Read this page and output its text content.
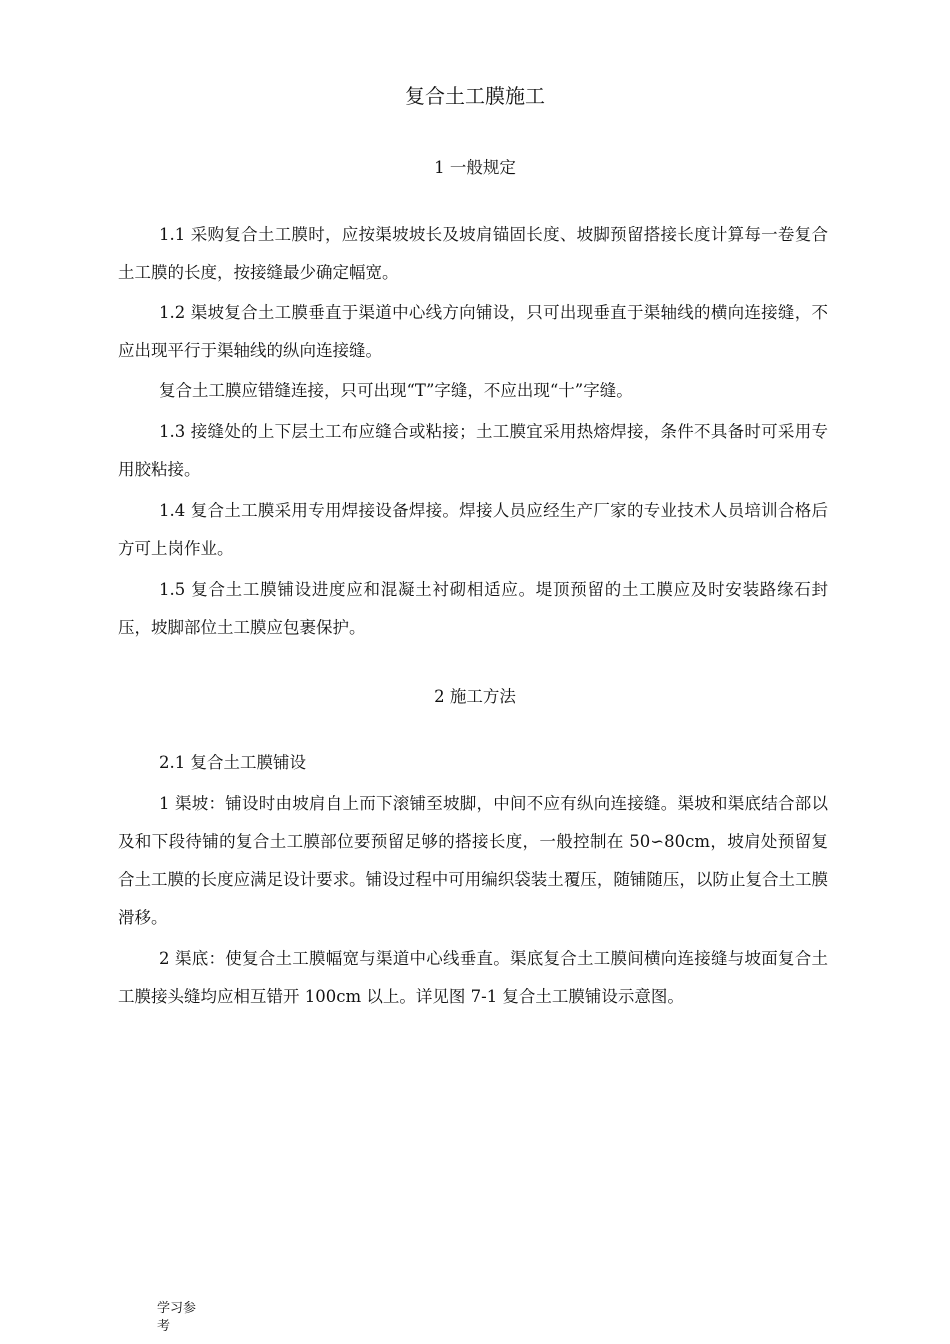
复合土工膜施工
1 一般规定

1.1 采购复合土工膜时，应按渠坡坡长及坡肩锚固长度、坡脚预留搭接长度计算每一卷复合土工膜的长度，按接缝最少确定幅宽。

1.2 渠坡复合土工膜垂直于渠道中心线方向铺设，只可出现垂直于渠轴线的横向连接缝，不应出现平行于渠轴线的纵向连接缝。

复合土工膜应错缝连接，只可出现“T”字缝，不应出现“十”字缝。

1.3 接缝处的上下层土工布应缝合或粘接；土工膜宜采用热熔焊接，条件不具备时可采用专用胶粘接。

1.4 复合土工膜采用专用焊接设备焊接。焊接人员应经生产厂家的专业技术人员培训合格后方可上岗作业。

1.5 复合土工膜铺设进度应和混凝土衬砌相适应。堤顶预留的土工膜应及时安装路缘石封压，坡脚部位土工膜应包裹保护。

2 施工方法

2.1 复合土工膜铺设

1 渠坡：铺设时由坡肩自上而下滚铺至坡脚，中间不应有纵向连接缝。渠坡和渠底结合部以及和下段待铺的复合土工膜部位要预留足够的搭接长度，一般控制在 50∽80cm，坡肩处预留复合土工膜的长度应满足设计要求。铺设过程中可用编织袋装土覆压，随铺随压，以防止复合土工膜滑移。

2 渠底：使复合土工膜幅宽与渠道中心线垂直。渠底复合土工膜间横向连接缝与坡面复合土工膜接头缝均应相互错开 100cm 以上。详见图 7-1 复合土工膜铺设示意图。

学习参考
